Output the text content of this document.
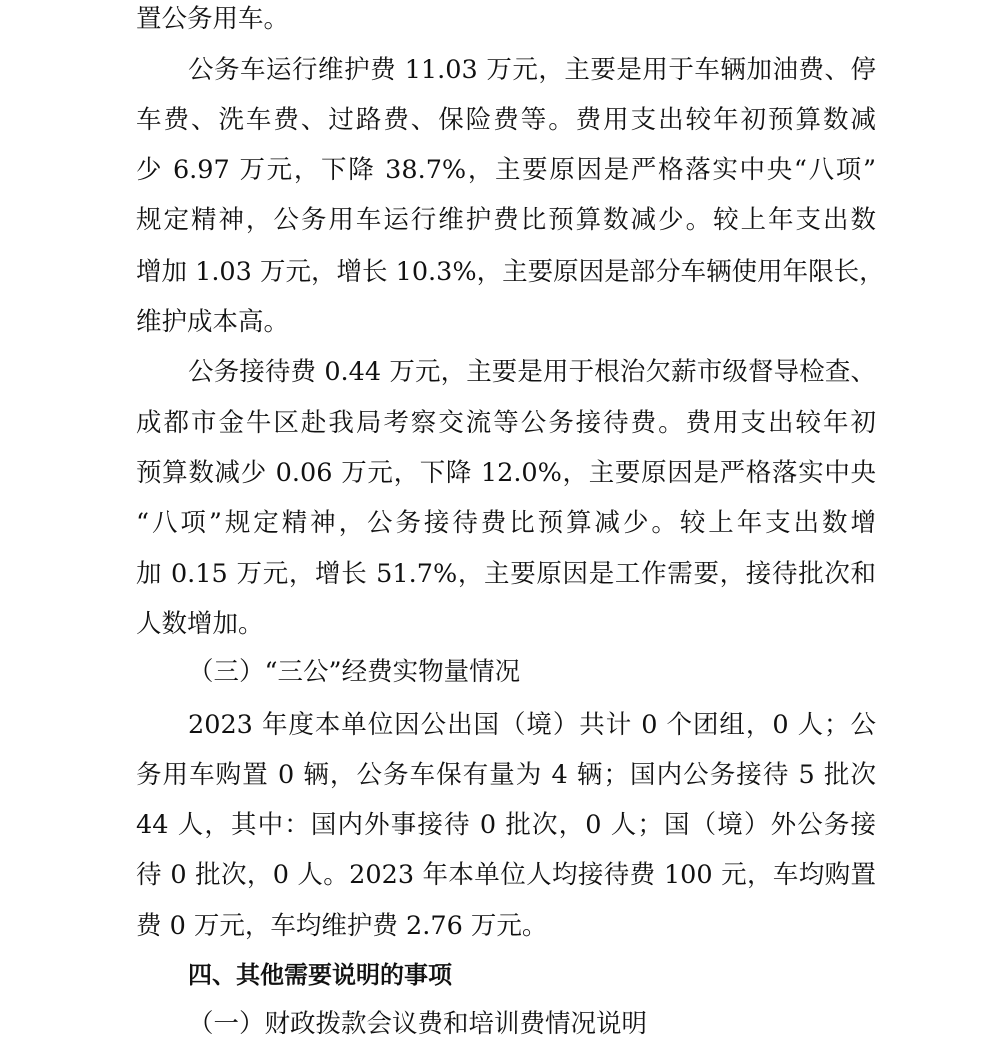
置公务用车。
公务车运行维护费 11.03 万元，主要是用于车辆加油费、停
车费、洗车费、过路费、保险费等。费用支出较年初预算数减
少 6.97 万元，下降 38.7%，主要原因是严格落实中央“八项”
规定精神，公务用车运行维护费比预算数减少。较上年支出数
增加 1.03 万元，增长 10.3%，主要原因是部分车辆使用年限长，
维护成本高。
公务接待费 0.44 万元，主要是用于根治欠薪市级督导检查、
成都市金牛区赴我局考察交流等公务接待费。费用支出较年初
预算数减少 0.06 万元，下降 12.0%，主要原因是严格落实中央
“八项”规定精神，公务接待费比预算减少。较上年支出数增
加 0.15 万元，增长 51.7%，主要原因是工作需要，接待批次和
人数增加。
（三）“三公”经费实物量情况
2023 年度本单位因公出国（境）共计 0 个团组，0 人；公
务用车购置 0 辆，公务车保有量为 4 辆；国内公务接待 5 批次
44 人，其中：国内外事接待 0 批次，0 人；国（境）外公务接
待 0 批次，0 人。2023 年本单位人均接待费 100 元，车均购置
费 0 万元，车均维护费 2.76 万元。
四、其他需要说明的事项
（一）财政拨款会议费和培训费情况说明
